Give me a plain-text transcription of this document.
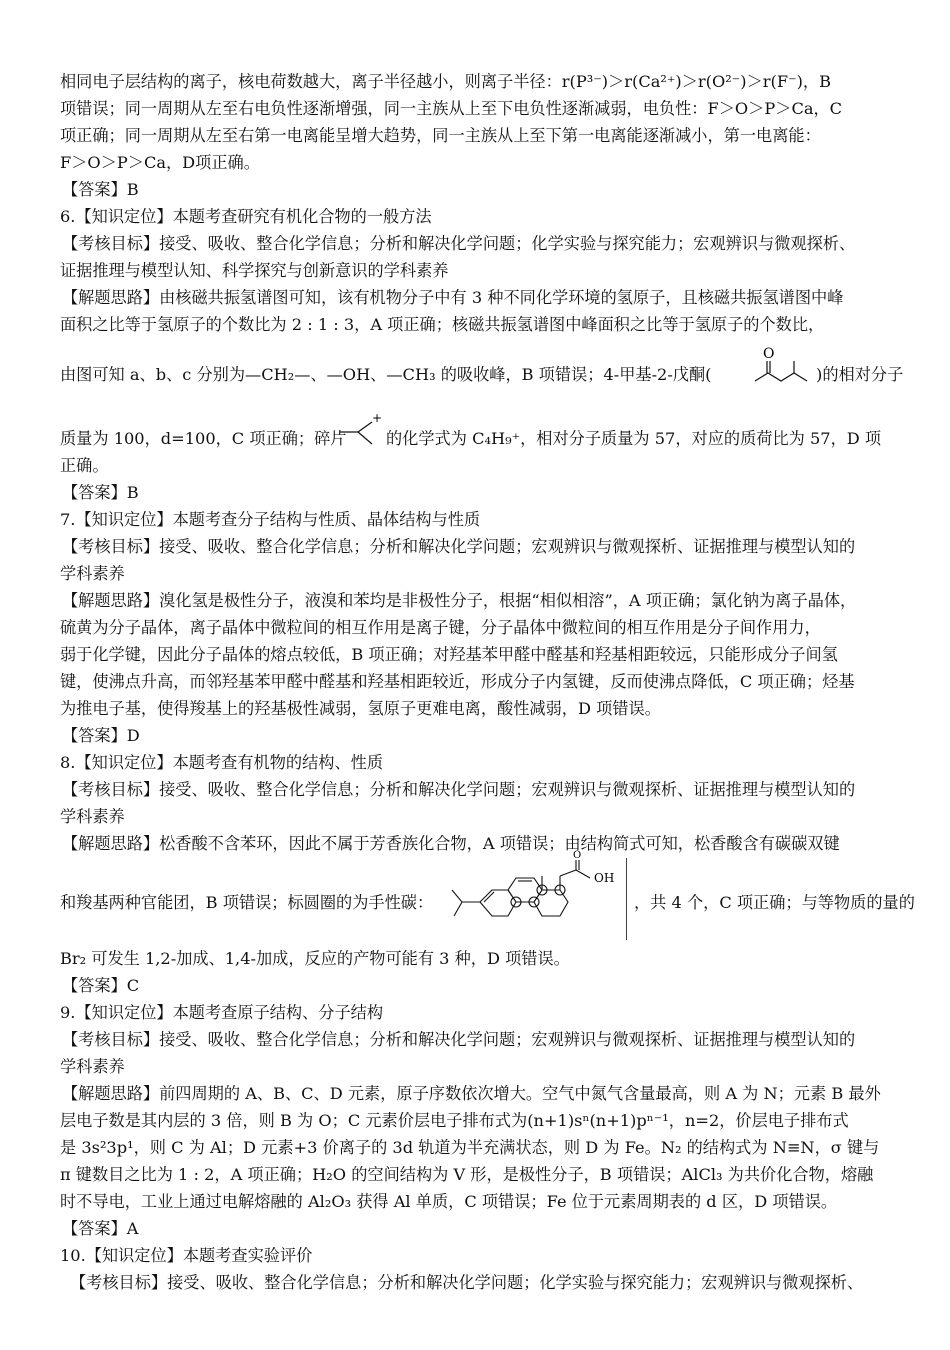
相同电子层结构的离子，核电荷数越大，离子半径越小，则离子半径：r(P³⁻)＞r(Ca²⁺)＞r(O²⁻)＞r(F⁻)，B
项错误；同一周期从左至右电负性逐渐增强，同一主族从上至下电负性逐渐减弱，电负性：F＞O＞P＞Ca，C
项正确；同一周期从左至右第一电离能呈增大趋势，同一主族从上至下第一电离能逐渐减小，第一电离能：
F＞O＞P＞Ca，D项正确。
【答案】B
6.【知识定位】本题考查研究有机化合物的一般方法
【考核目标】接受、吸收、整合化学信息；分析和解决化学问题；化学实验与探究能力；宏观辨识与微观探析、
证据推理与模型认知、科学探究与创新意识的学科素养
【解题思路】由核磁共振氢谱图可知，该有机物分子中有 3 种不同化学环境的氢原子，且核磁共振氢谱图中峰
面积之比等于氢原子的个数比为 2 : 1 : 3，A 项正确；核磁共振氢谱图中峰面积之比等于氢原子的个数比，
由图可知 a、b、c 分别为—CH₂—、—OH、—CH₃ 的吸收峰，B 项错误；4-甲基-2-戊酮(
O
)的相对分子
质量为 100，d=100，C 项正确；碎片
+
的化学式为 C₄H₉⁺，相对分子质量为 57，对应的质荷比为 57，D 项
正确。
【答案】B
7.【知识定位】本题考查分子结构与性质、晶体结构与性质
【考核目标】接受、吸收、整合化学信息；分析和解决化学问题；宏观辨识与微观探析、证据推理与模型认知的
学科素养
【解题思路】溴化氢是极性分子，液溴和苯均是非极性分子，根据“相似相溶”，A 项正确；氯化钠为离子晶体，
硫黄为分子晶体，离子晶体中微粒间的相互作用是离子键，分子晶体中微粒间的相互作用是分子间作用力，
弱于化学键，因此分子晶体的熔点较低，B 项正确；对羟基苯甲醛中醛基和羟基相距较远，只能形成分子间氢
键，使沸点升高，而邻羟基苯甲醛中醛基和羟基相距较近，形成分子内氢键，反而使沸点降低，C 项正确；烃基
为推电子基，使得羧基上的羟基极性减弱，氢原子更难电离，酸性减弱，D 项错误。
【答案】D
8.【知识定位】本题考查有机物的结构、性质
【考核目标】接受、吸收、整合化学信息；分析和解决化学问题；宏观辨识与微观探析、证据推理与模型认知的
学科素养
【解题思路】松香酸不含苯环，因此不属于芳香族化合物，A 项错误；由结构简式可知，松香酸含有碳碳双键
和羧基两种官能团，B 项错误；标圆圈的为手性碳：
O
OH
，共 4 个，C 项正确；与等物质的量的
Br₂ 可发生 1,2-加成、1,4-加成，反应的产物可能有 3 种，D 项错误。
【答案】C
9.【知识定位】本题考查原子结构、分子结构
【考核目标】接受、吸收、整合化学信息；分析和解决化学问题；宏观辨识与微观探析、证据推理与模型认知的
学科素养
【解题思路】前四周期的 A、B、C、D 元素，原子序数依次增大。空气中氮气含量最高，则 A 为 N；元素 B 最外
层电子数是其内层的 3 倍，则 B 为 O；C 元素价层电子排布式为(n+1)sⁿ(n+1)pⁿ⁻¹，n=2，价层电子排布式
是 3s²3p¹，则 C 为 Al；D 元素+3 价离子的 3d 轨道为半充满状态，则 D 为 Fe。N₂ 的结构式为 N≡N，σ 键与
π 键数目之比为 1 : 2，A 项正确；H₂O 的空间结构为 V 形，是极性分子，B 项错误；AlCl₃ 为共价化合物，熔融
时不导电，工业上通过电解熔融的 Al₂O₃ 获得 Al 单质，C 项错误；Fe 位于元素周期表的 d 区，D 项错误。
【答案】A
10.【知识定位】本题考查实验评价
【考核目标】接受、吸收、整合化学信息；分析和解决化学问题；化学实验与探究能力；宏观辨识与微观探析、
